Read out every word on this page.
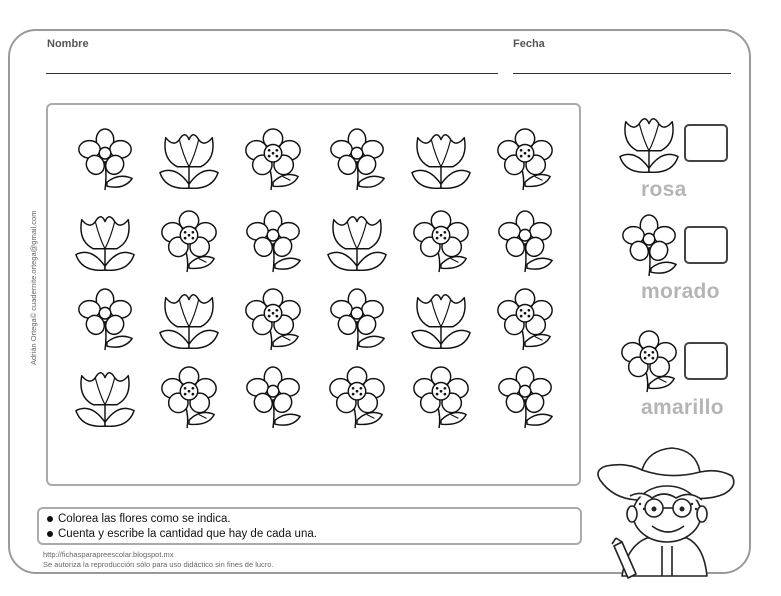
Nombre	Fecha
Adrián Ortega© cuadernite.ortega@gmail.com
rosa
morado
amarillo
Colorea las flores como se indica.
Cuenta y escribe la cantidad que hay de cada una.
http://fichasparapreescolar.blogspot.mx
Se autoriza la reproducción sólo para uso didáctico sin fines de lucro.
